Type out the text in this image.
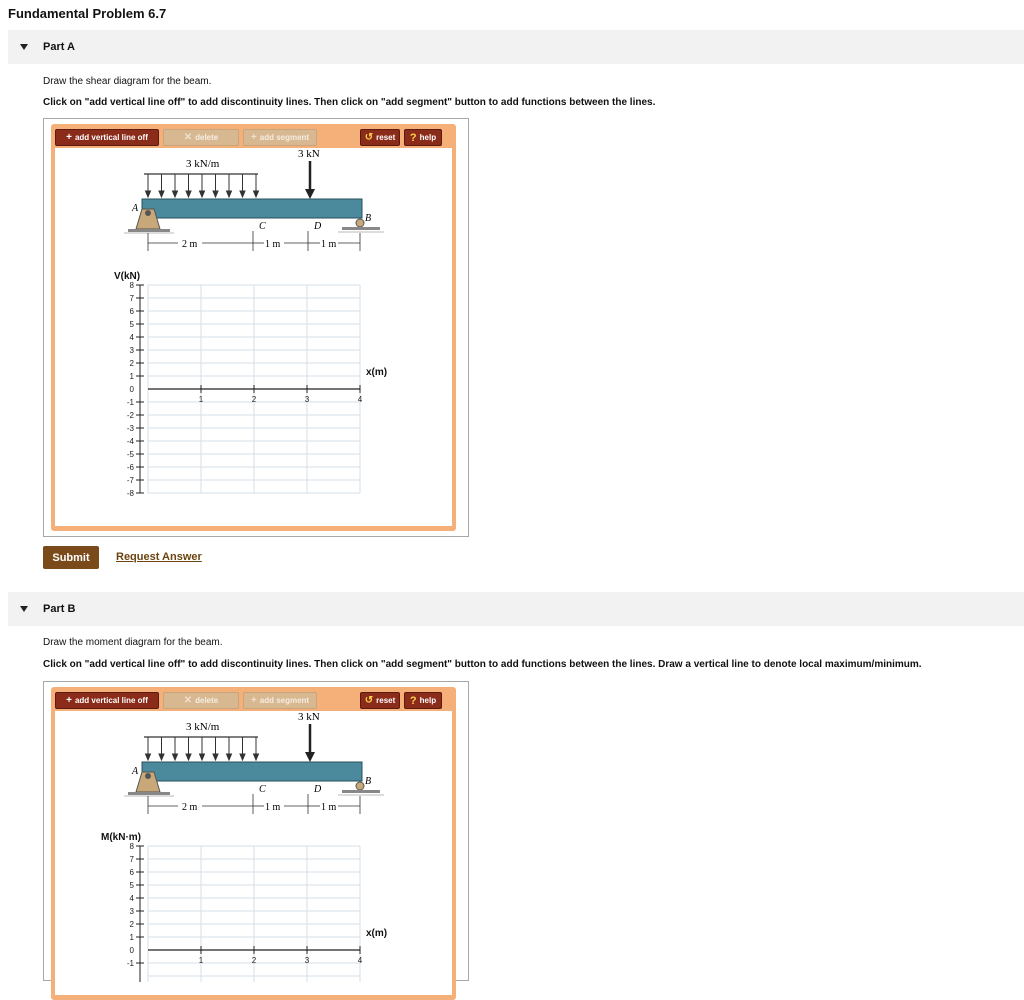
Fundamental Problem 6.7
Part A
Draw the shear diagram for the beam.
Click on "add vertical line off" to add discontinuity lines. Then click on "add segment" button to add functions between the lines.
+ add vertical line off	✕ delete	+ add segment	↺ reset ? help
3 kN/m
3 kN
A
B
C	D
2 m	1 m	1 m
8
7
6
5
4
3
2
1
0
-1
-2
-3
-4
-5
-6
-7
-8
1	2	3	4
V(kN)
x(m)
Submit	Request Answer
Part B
Draw the moment diagram for the beam.
Click on "add vertical line off" to add discontinuity lines. Then click on "add segment" button to add functions between the lines. Draw a vertical line to denote local maximum/minimum.
+ add vertical line off	✕ delete	+ add segment	↺ reset ? help
3 kN/m
3 kN
A
B
C	D
2 m	1 m	1 m
8
7
6
5
4
3
2
1
0
-1	1	2	3	4
M(kN·m)
x(m)
